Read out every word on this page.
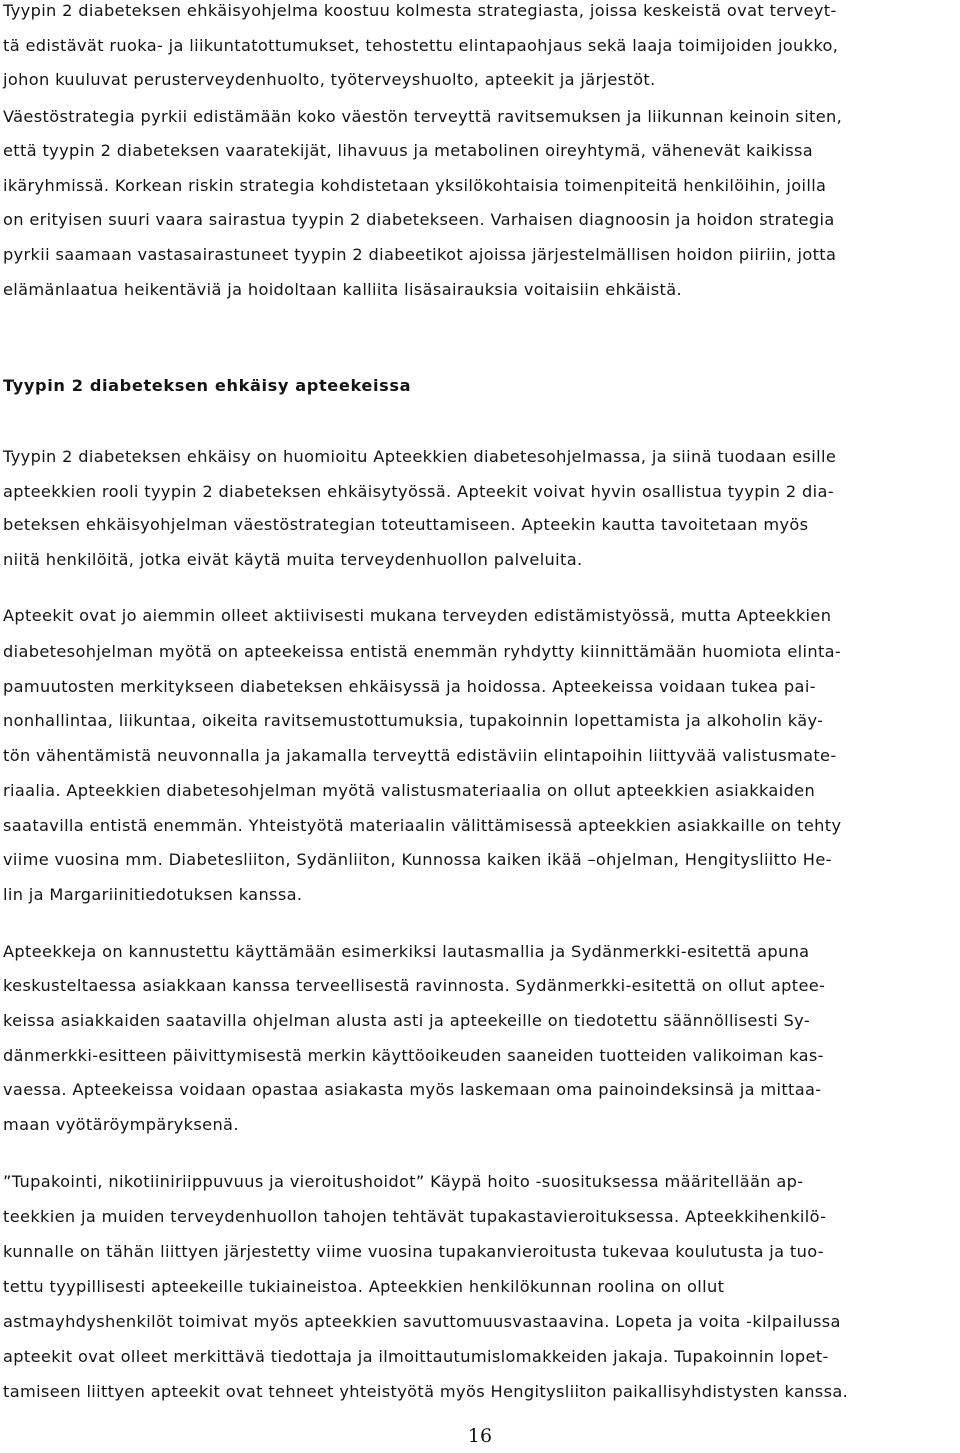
Tyypin 2 diabeteksen ehkäisyohjelma koostuu kolmesta strategiasta, joissa keskeistä ovat terveyt-
tä edistävät ruoka- ja liikuntatottumukset, tehostettu elintapaohjaus sekä laaja toimijoiden joukko,
johon kuuluvat perusterveydenhuolto, työterveyshuolto, apteekit ja järjestöt.
Väestöstrategia pyrkii edistämään koko väestön terveyttä ravitsemuksen ja liikunnan keinoin siten,
että tyypin 2 diabeteksen vaaratekijät, lihavuus ja metabolinen oireyhtymä, vähenevät kaikissa
ikäryhmissä. Korkean riskin strategia kohdistetaan yksilökohtaisia toimenpiteitä henkilöihin, joilla
on erityisen suuri vaara sairastua tyypin 2 diabetekseen. Varhaisen diagnoosin ja hoidon strategia
pyrkii saamaan vastasairastuneet tyypin 2 diabeetikot ajoissa järjestelmällisen hoidon piiriin, jotta
elämänlaatua heikentäviä ja hoidoltaan kalliita lisäsairauksia voitaisiin ehkäistä.
Tyypin 2 diabeteksen ehkäisy apteekeissa
Tyypin 2 diabeteksen ehkäisy on huomioitu Apteekkien diabetesohjelmassa, ja siinä tuodaan esille
apteekkien rooli tyypin 2 diabeteksen ehkäisytyössä. Apteekit voivat hyvin osallistua tyypin 2 dia-
beteksen ehkäisyohjelman väestöstrategian toteuttamiseen. Apteekin kautta tavoitetaan myös
niitä henkilöitä, jotka eivät käytä muita terveydenhuollon palveluita.
Apteekit ovat jo aiemmin olleet aktiivisesti mukana terveyden edistämistyössä, mutta Apteekkien
diabetesohjelman myötä on apteekeissa entistä enemmän ryhdytty kiinnittämään huomiota elinta-
pamuutosten merkitykseen diabeteksen ehkäisyssä ja hoidossa. Apteekeissa voidaan tukea pai-
nonhallintaa, liikuntaa, oikeita ravitsemustottumuksia, tupakoinnin lopettamista ja alkoholin käy-
tön vähentämistä neuvonnalla ja jakamalla terveyttä edistäviin elintapoihin liittyvää valistusmate-
riaalia. Apteekkien diabetesohjelman myötä valistusmateriaalia on ollut apteekkien asiakkaiden
saatavilla entistä enemmän. Yhteistyötä materiaalin välittämisessä apteekkien asiakkaille on tehty
viime vuosina mm. Diabetesliiton, Sydänliiton, Kunnossa kaiken ikää –ohjelman, Hengitysliitto He-
lin ja Margariinitiedotuksen kanssa.
Apteekkeja on kannustettu käyttämään esimerkiksi lautasmallia ja Sydänmerkki-esitettä apuna
keskusteltaessa asiakkaan kanssa terveellisestä ravinnosta. Sydänmerkki-esitettä on ollut aptee-
keissa asiakkaiden saatavilla ohjelman alusta asti ja apteekeille on tiedotettu säännöllisesti Sy-
dänmerkki-esitteen päivittymisestä merkin käyttöoikeuden saaneiden tuotteiden valikoiman kas-
vaessa. Apteekeissa voidaan opastaa asiakasta myös laskemaan oma painoindeksinsä ja mittaa-
maan vyötäröympäryksenä.
”Tupakointi, nikotiiniriippuvuus ja vieroitushoidot” Käypä hoito -suosituksessa määritellään ap-
teekkien ja muiden terveydenhuollon tahojen tehtävät tupakastavieroituksessa. Apteekkihenkilö-
kunnalle on tähän liittyen järjestetty viime vuosina tupakanvieroitusta tukevaa koulutusta ja tuo-
tettu tyypillisesti apteekeille tukiaineistoa. Apteekkien henkilökunnan roolina on ollut
astmayhdyshenkilöt toimivat myös apteekkien savuttomuusvastaavina. Lopeta ja voita -kilpailussa
apteekit ovat olleet merkittävä tiedottaja ja ilmoittautumislomakkeiden jakaja. Tupakoinnin lopet-
tamiseen liittyen apteekit ovat tehneet yhteistyötä myös Hengitysliiton paikallisyhdistysten kanssa.
16
